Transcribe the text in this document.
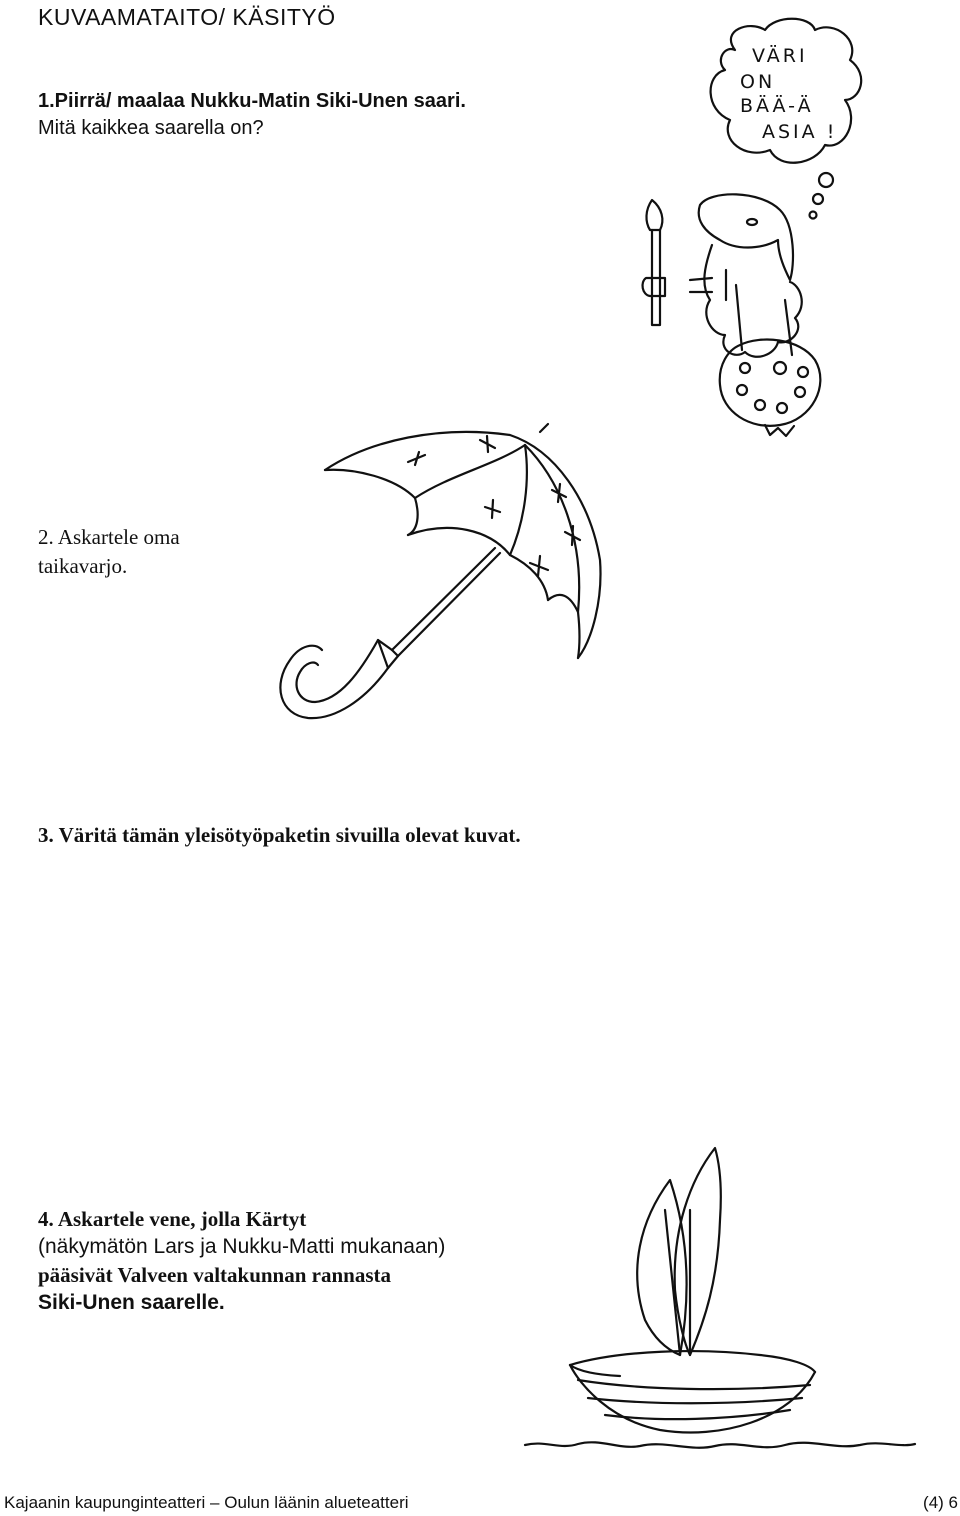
KUVAAMATAITO/ KÄSITYÖ
1.Piirrä/ maalaa Nukku-Matin Siki-Unen saari.
Mitä kaikkea saarella on?
2. Askartele oma
taikavarjo.
3. Väritä tämän yleisötyöpaketin sivuilla olevat kuvat.
4. Askartele vene, jolla Kärtyt
(näkymätön Lars ja Nukku-Matti mukanaan)
pääsivät Valveen valtakunnan rannasta
Siki-Unen saarelle.
VÄRI
ON
BÄÄ-Ä
ASIA !
Kajaanin kaupunginteatteri – Oulun läänin alueteatteri	(4) 6
